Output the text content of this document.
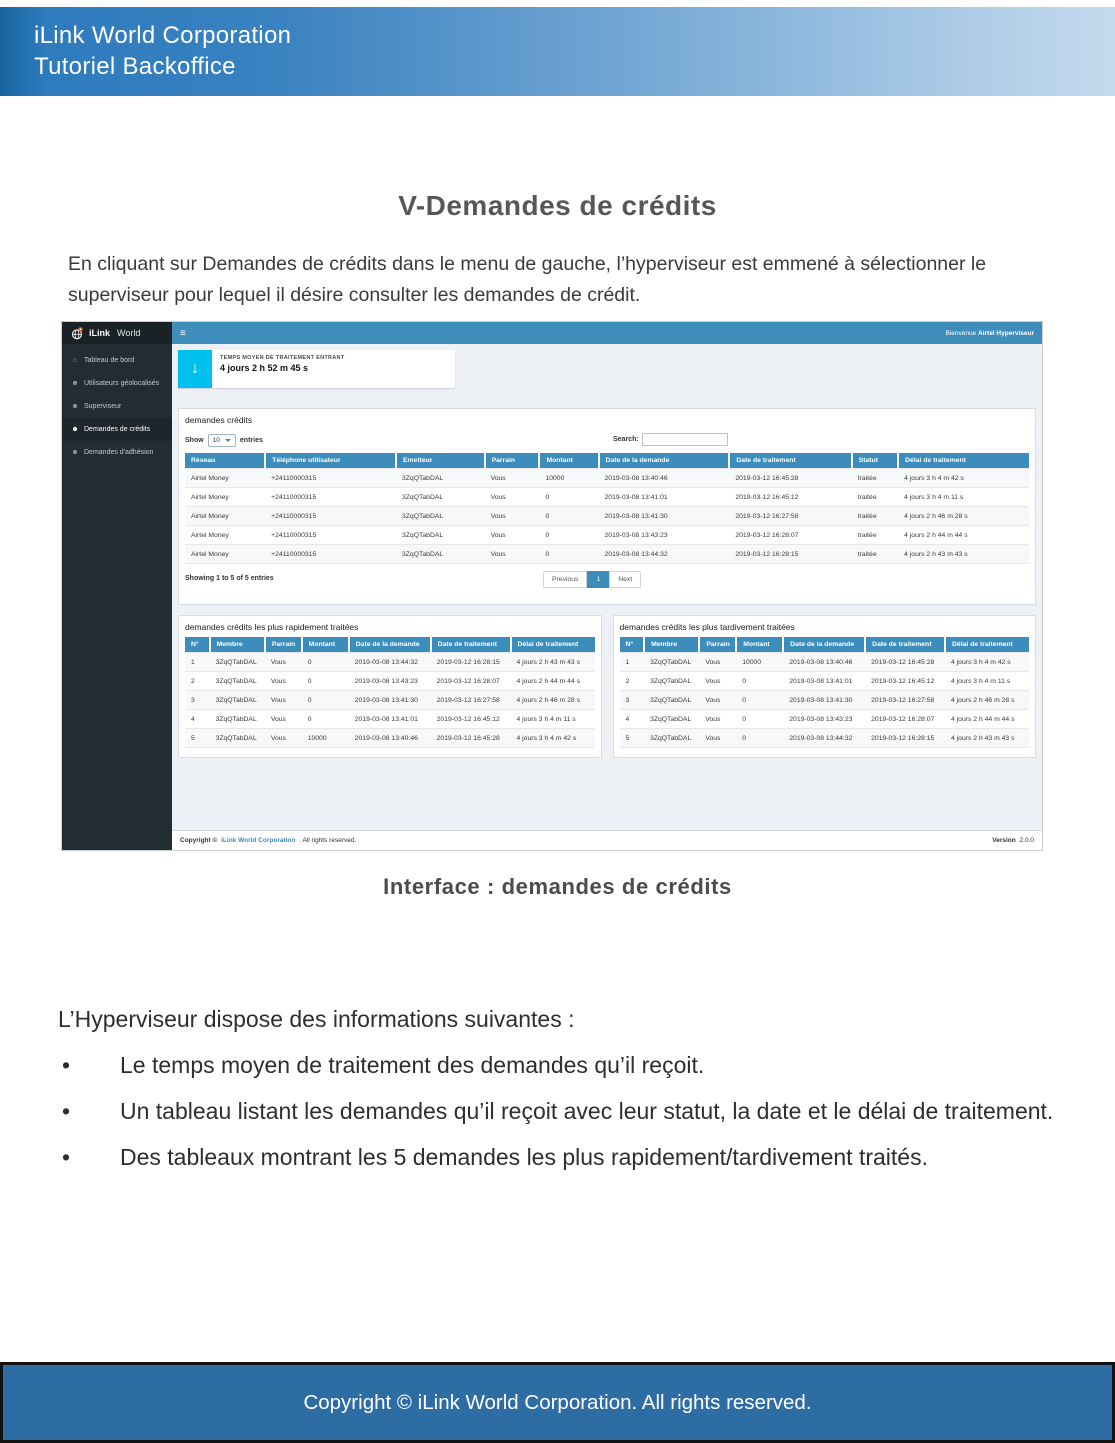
iLink World Corporation
Tutoriel Backoffice
V-Demandes de crédits

En cliquant sur Demandes de crédits dans le menu de gauche, l’hyperviseur est emmené à sélectionner le superviseur pour lequel il désire consulter les demandes de crédit.

iLink World	≡	Bienvenue Airtel Hyperviseur
⌂ Tableau de bord
☻ Utilisateurs géolocalisés
☻ Superviseur
☻ Demandes de crédits
☻ Demandes d'adhésion
↓
TEMPS MOYEN DE TRAITEMENT ENTRANT
4 jours 2 h 52 m 45 s
demandes crédits
Show 10	entries	Search:
Réseau	Téléphone utilisateur	Emetteur	Parrain	Montant	Date de la demande	Date de traitement	Statut	Délai de traitement
Airtel Money	+24110000315	3ZqQTabDAL	Vous	10000	2019-03-08 13:40:46	2019-03-12 16:45:28	traitée	4 jours 3 h 4 m 42 s
Airtel Money	+24110000315	3ZqQTabDAL	Vous	0	2019-03-08 13:41:01	2019-03-12 16:45:12	traitée	4 jours 3 h 4 m 11 s
Airtel Money	+24110000315	3ZqQTabDAL	Vous	0	2019-03-08 13:41:30	2019-03-12 16:27:58	traitée	4 jours 2 h 46 m 28 s
Airtel Money	+24110000315	3ZqQTabDAL	Vous	0	2019-03-08 13:43:23	2019-03-12 16:28:07	traitée	4 jours 2 h 44 m 44 s
Airtel Money	+24110000315	3ZqQTabDAL	Vous	0	2019-03-08 13:44:32	2019-03-12 16:28:15	traitée	4 jours 2 h 43 m 43 s
Showing 1 to 5 of 5 entries	Previous	1	Next
demandes crédits les plus rapidement traitées
N°	Membre	Parrain	Montant	Date de la demande	Date de traitement	Délai de traitement
1	3ZqQTabDAL	Vous	0	2019-03-08 13:44:32	2019-03-12 16:28:15	4 jours 2 h 43 m 43 s
2	3ZqQTabDAL	Vous	0	2019-03-08 13:43:23	2019-03-12 16:28:07	4 jours 2 h 44 m 44 s
3	3ZqQTabDAL	Vous	0	2019-03-08 13:41:30	2019-03-12 16:27:58	4 jours 2 h 46 m 28 s
4	3ZqQTabDAL	Vous	0	2019-03-08 13:41:01	2019-03-12 16:45:12	4 jours 3 h 4 m 11 s
5	3ZqQTabDAL	Vous	10000	2019-03-08 13:40:46	2019-03-12 16:45:28	4 jours 3 h 4 m 42 s
demandes crédits les plus tardivement traitées
N°	Membre	Parrain	Montant	Date de la demande	Date de traitement	Délai de traitement
1	3ZqQTabDAL	Vous	10000	2019-03-08 13:40:46	2019-03-12 16:45:28	4 jours 3 h 4 m 42 s
2	3ZqQTabDAL	Vous	0	2019-03-08 13:41:01	2019-03-12 16:45:12	4 jours 3 h 4 m 11 s
3	3ZqQTabDAL	Vous	0	2019-03-08 13:41:30	2019-03-12 16:27:58	4 jours 2 h 46 m 28 s
4	3ZqQTabDAL	Vous	0	2019-03-08 13:43:23	2019-03-12 16:28:07	4 jours 2 h 44 m 44 s
5	3ZqQTabDAL	Vous	0	2019-03-08 13:44:32	2019-03-12 16:28:15	4 jours 2 h 43 m 43 s
Copyright © iLink World Corporation . All rights reserved.	Version 2.0.0
Interface : demandes de crédits

L’Hyperviseur dispose des informations suivantes :

•	Le temps moyen de traitement des demandes qu’il reçoit.
•	Un tableau listant les demandes qu’il reçoit avec leur statut, la date et le délai de traitement.
•	Des tableaux montrant les 5 demandes les plus rapidement/tardivement traités.
Copyright © iLink World Corporation. All rights reserved.
